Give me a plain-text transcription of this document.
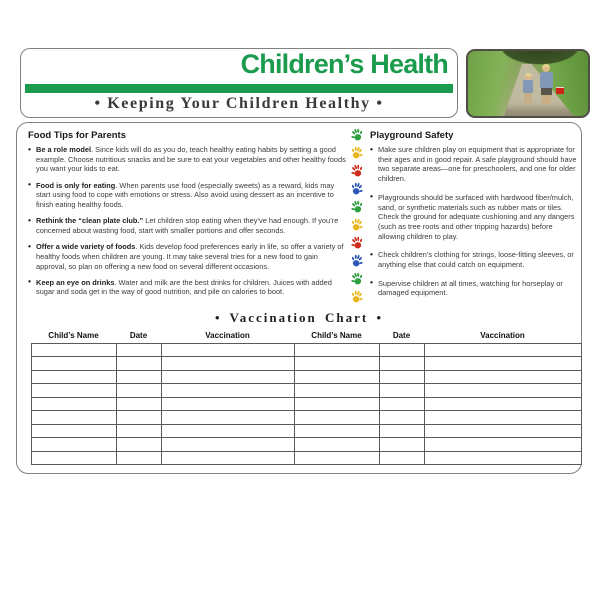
Children’s Health
• Keeping Your Children Healthy •
Food Tips for Parents
• Be a role model. Since kids will do as you do, teach healthy eating habits by setting a good example. Choose nutritious snacks and be sure to eat your vegetables and other healthy foods you want your kids to eat.
• Food is only for eating. When parents use food (especially sweets) as a reward, kids may start using food to cope with emotions or stress. Also avoid using dessert as an incentive to finish eating healthy foods.
• Rethink the “clean plate club.” Let children stop eating when they’ve had enough. If you’re concerned about wasting food, start with smaller portions and offer seconds.
• Offer a wide variety of foods. Kids develop food preferences early in life, so offer a variety of healthy foods when children are young. It may take several tries for a new food to gain approval, so plan on offering a new food on several different occasions.
• Keep an eye on drinks. Water and milk are the best drinks for children. Juices with added sugar and soda get in the way of good nutrition, and pile on calories to boot.
Playground Safety
• Make sure children play on equipment that is appropriate for their ages and in good repair. A safe playground should have two separate areas—one for preschoolers, and one for older children.
• Playgrounds should be surfaced with hardwood fiber/mulch, sand, or synthetic materials such as rubber mats or tiles. Check the ground for adequate cushioning and any dangers (such as tree roots and other tripping hazards) before allowing children to play.
• Check children’s clothing for strings, loose-fitting sleeves, or anything else that could catch on equipment.
• Supervise children at all times, watching for horseplay or damaged equipment.
• Vaccination Chart •
Child’s Name	Date	Vaccination	Child’s Name	Date	Vaccination
